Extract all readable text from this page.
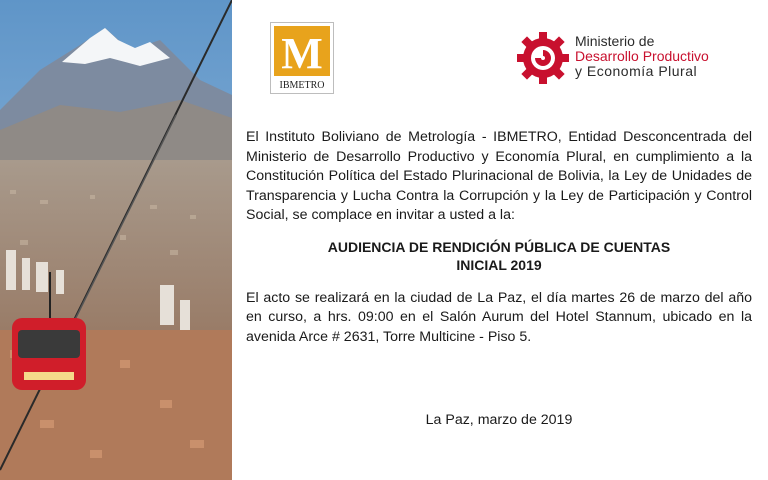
M
IBMETRO
Ministerio de
Desarrollo Productivo
y Economía Plural

El Instituto Boliviano de Metrología - IBMETRO, Entidad Desconcentrada del Ministerio de Desarrollo Productivo y Economía Plural, en cumplimiento a la Constitución Política del Estado Plurinacional de Bolivia, la Ley de Unidades de Transparencia y Lucha Contra la Corrupción y la Ley de Participación y Control Social, se complace en invitar a usted a la:

AUDIENCIA DE RENDICIÓN PÚBLICA DE CUENTAS
INICIAL 2019

El acto se realizará en la ciudad de La Paz, el día martes 26 de marzo del año en curso, a hrs. 09:00 en el Salón Aurum del Hotel Stannum, ubicado en la avenida Arce # 2631, Torre Multicine - Piso 5.

La Paz, marzo de 2019
